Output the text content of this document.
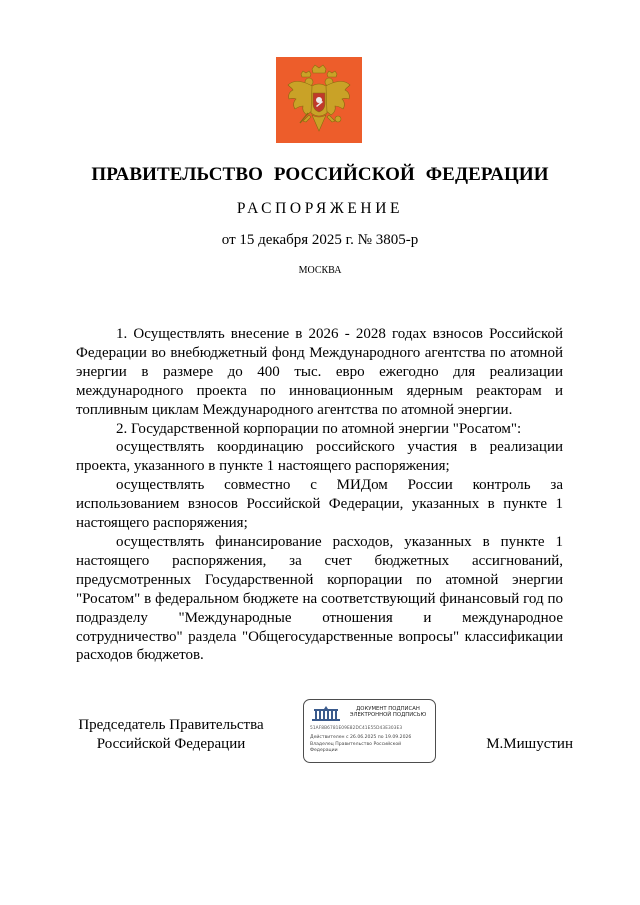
ПРАВИТЕЛЬСТВО РОССИЙСКОЙ ФЕДЕРАЦИИ
РАСПОРЯЖЕНИЕ
от 15 декабря 2025 г. № 3805-р
МОСКВА

1. Осуществлять внесение в 2026 - 2028 годах взносов Российской Федерации во внебюджетный фонд Международного агентства по атомной энергии в размере до 400 тыс. евро ежегодно для реализации международного проекта по инновационным ядерным реакторам и топливным циклам Международного агентства по атомной энергии.

2. Государственной корпорации по атомной энергии "Росатом":

осуществлять координацию российского участия в реализации проекта, указанного в пункте 1 настоящего распоряжения;

осуществлять совместно с МИДом России контроль за использованием взносов Российской Федерации, указанных в пункте 1 настоящего распоряжения;

осуществлять финансирование расходов, указанных в пункте 1 настоящего распоряжения, за счет бюджетных ассигнований, предусмотренных Государственной корпорации по атомной энергии "Росатом" в федеральном бюджете на соответствующий финансовый год по подразделу "Международные отношения и международное сотрудничество" раздела "Общегосударственные вопросы" классификации расходов бюджетов.

Председатель Правительства
Российской Федерации
ДОКУМЕНТ ПОДПИСАН
ЭЛЕКТРОННОЙ ПОДПИСЬЮ
51AF8B6781E09E82DC41E55D43E303E3
Действителен с 26.06.2025 по 19.09.2026
Владелец Правительство Российской Федерации	М.Мишустин
